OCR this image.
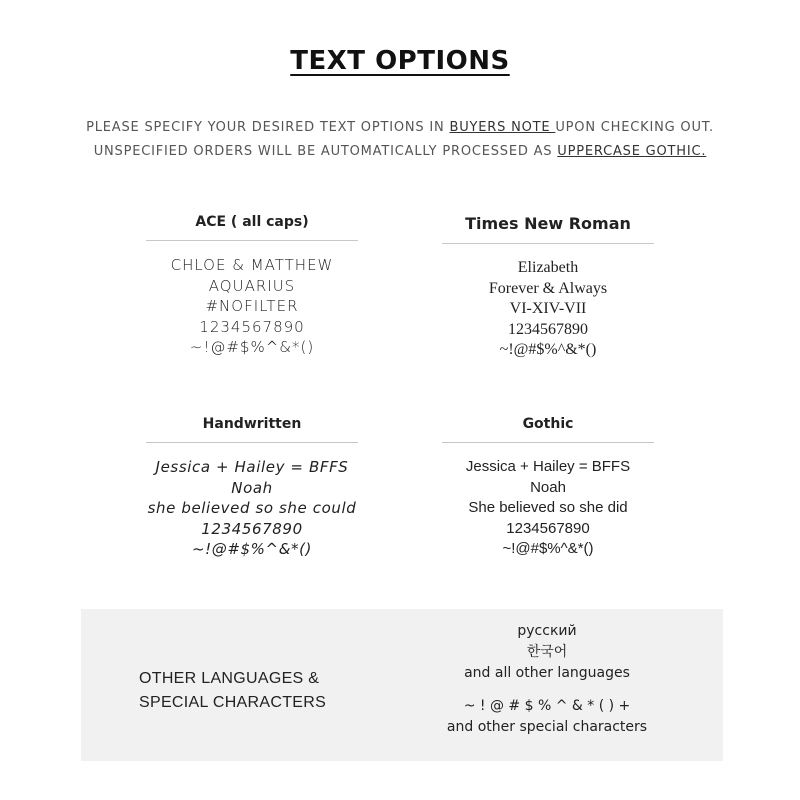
TEXT OPTIONS
PLEASE SPECIFY YOUR DESIRED TEXT OPTIONS IN BUYERS NOTE UPON CHECKING OUT.
UNSPECIFIED ORDERS WILL BE AUTOMATICALLY PROCESSED AS UPPERCASE GOTHIC.
ACE ( all caps)
CHLOE & MATTHEW
AQUARIUS
#NOFILTER
1234567890
~!@#$%^&*()
Times New Roman
Elizabeth
Forever & Always
VI-XIV-VII
1234567890
~!@#$%^&*()
Handwritten
Jessica + Hailey = BFFS
Noah
she believed so she could
1234567890
~!@#$%^&*()
Gothic
Jessica + Hailey = BFFS
Noah
She believed so she did
1234567890
~!@#$%^&*()
OTHER LANGUAGES &
SPECIAL CHARACTERS
русский
한국어
and all other languages
~ ! @ # $ % ^ & * ( ) +
and other special characters
